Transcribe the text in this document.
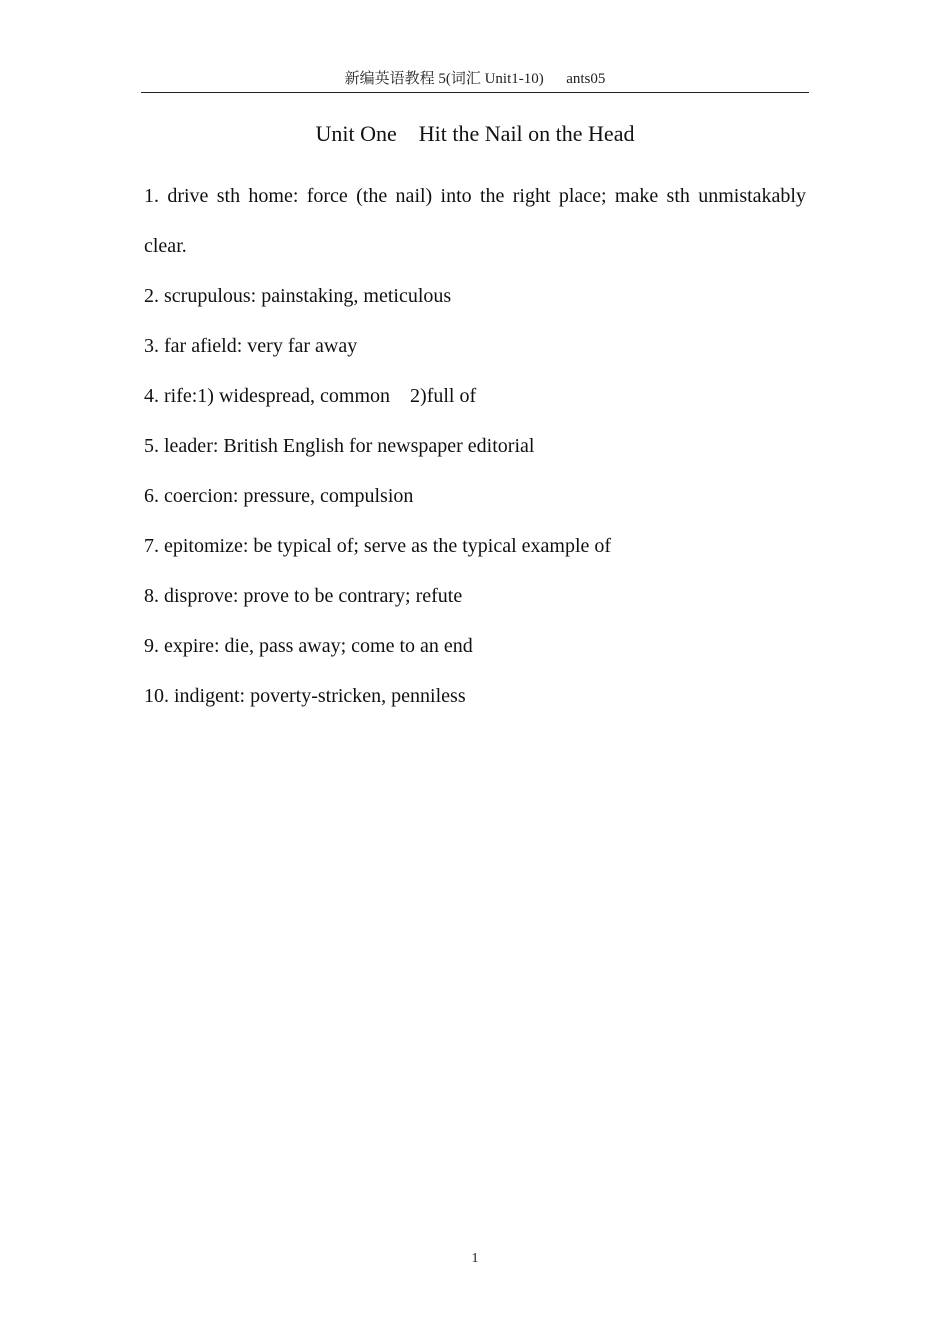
新编英语教程 5(词汇 Unit1-10)      ants05
Unit One    Hit the Nail on the Head
1. drive sth home: force (the nail) into the right place; make sth unmistakably clear.
2. scrupulous: painstaking, meticulous
3. far afield: very far away
4. rife:1) widespread, common    2)full of
5. leader: British English for newspaper editorial
6. coercion: pressure, compulsion
7. epitomize: be typical of; serve as the typical example of
8. disprove: prove to be contrary; refute
9. expire: die, pass away; come to an end
10. indigent: poverty-stricken, penniless
1
